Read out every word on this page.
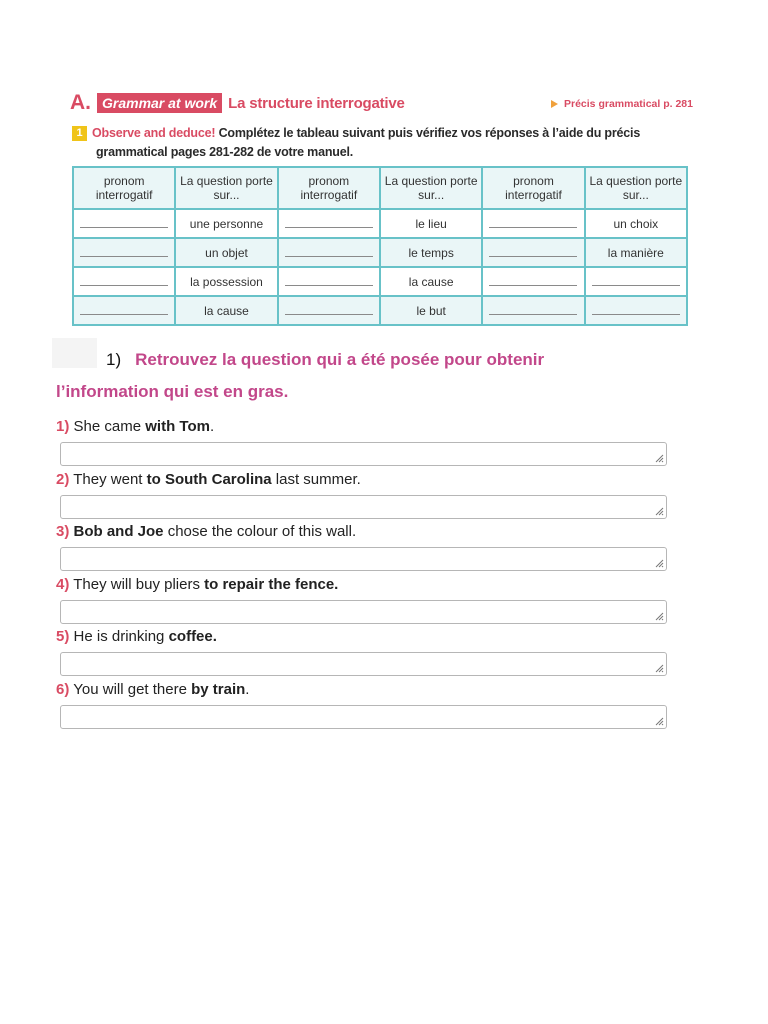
A. Grammar at work La structure interrogative	Précis grammatical p. 281
1 Observe and deduce! Complétez le tableau suivant puis vérifiez vos réponses à l’aide du précis
grammatical pages 281-282 de votre manuel.
pronom interrogatif	La question porte sur...	pronom interrogatif	La question porte sur...	pronom interrogatif	La question porte sur...
	une personne		le lieu		un choix
	un objet		le temps		la manière
	la possession		la cause		
	la cause		le but		
1) Retrouvez la question qui a été posée pour obtenir
l’information qui est en gras.
1) She came with Tom.
2) They went to South Carolina last summer.
3) Bob and Joe chose the colour of this wall.
4) They will buy pliers to repair the fence.
5) He is drinking coffee.
6) You will get there by train.
